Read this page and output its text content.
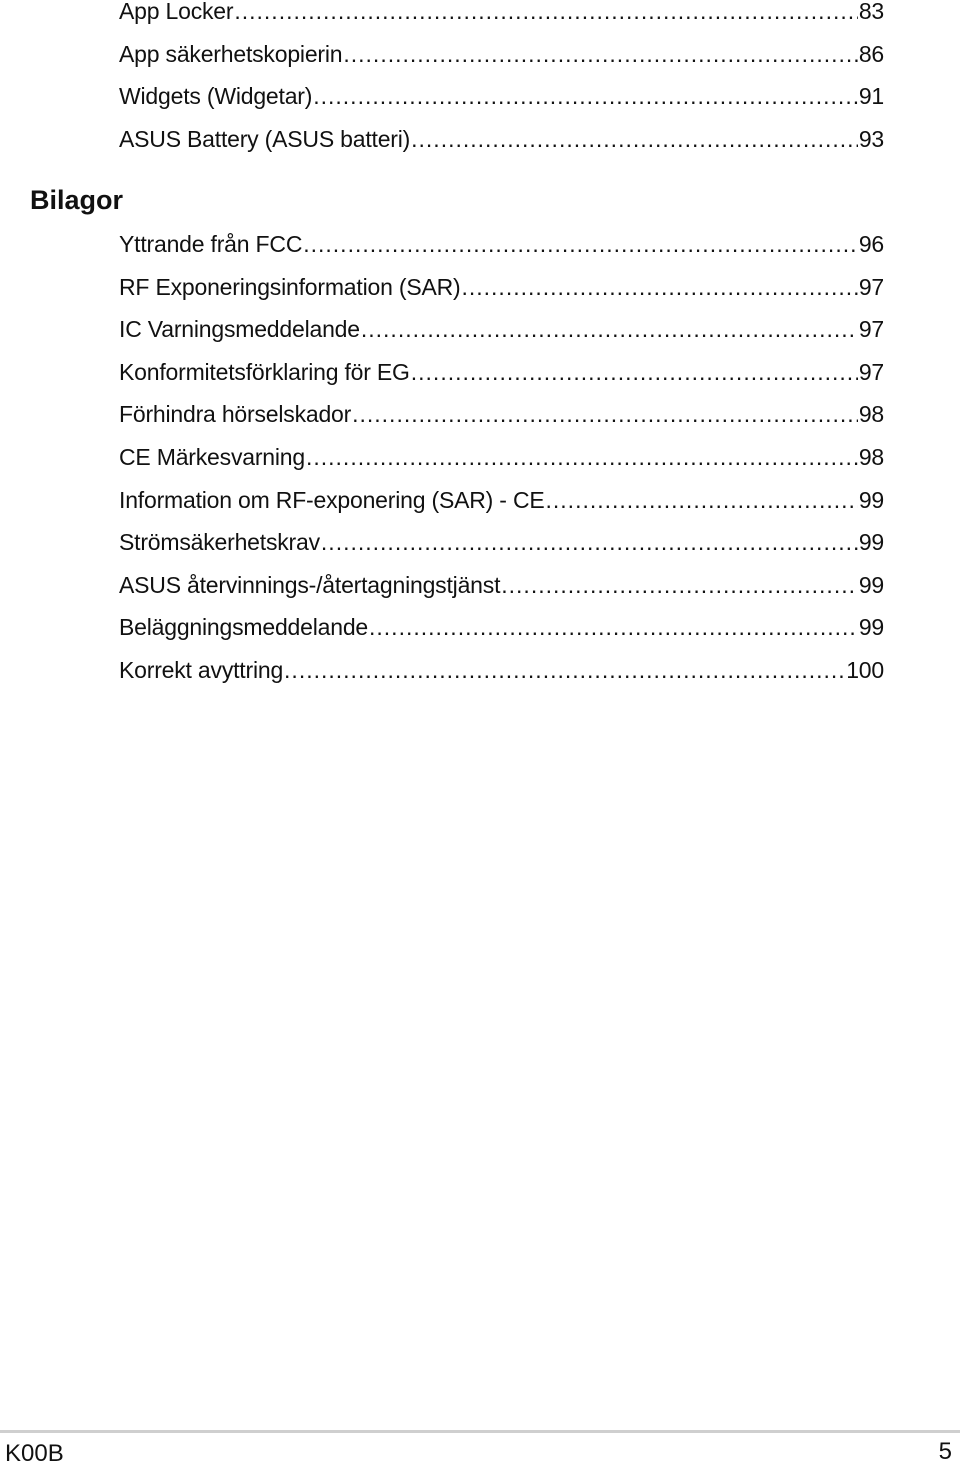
App Locker .....	83
App säkerhetskopierin .....	86
Widgets (Widgetar) .....	91
ASUS Battery (ASUS batteri) .....	93
Bilagor
Yttrande från FCC .....	96
RF Exponeringsinformation (SAR) .....	97
IC Varningsmeddelande .....	97
Konformitetsförklaring för EG .....	97
Förhindra hörselskador .....	98
CE Märkesvarning .....	98
Information om RF-exponering (SAR) - CE .....	99
Strömsäkerhetskrav .....	99
ASUS återvinnings-/återtagningstjänst .....	99
Beläggningsmeddelande .....	99
Korrekt avyttring .....	100
K00B	5
